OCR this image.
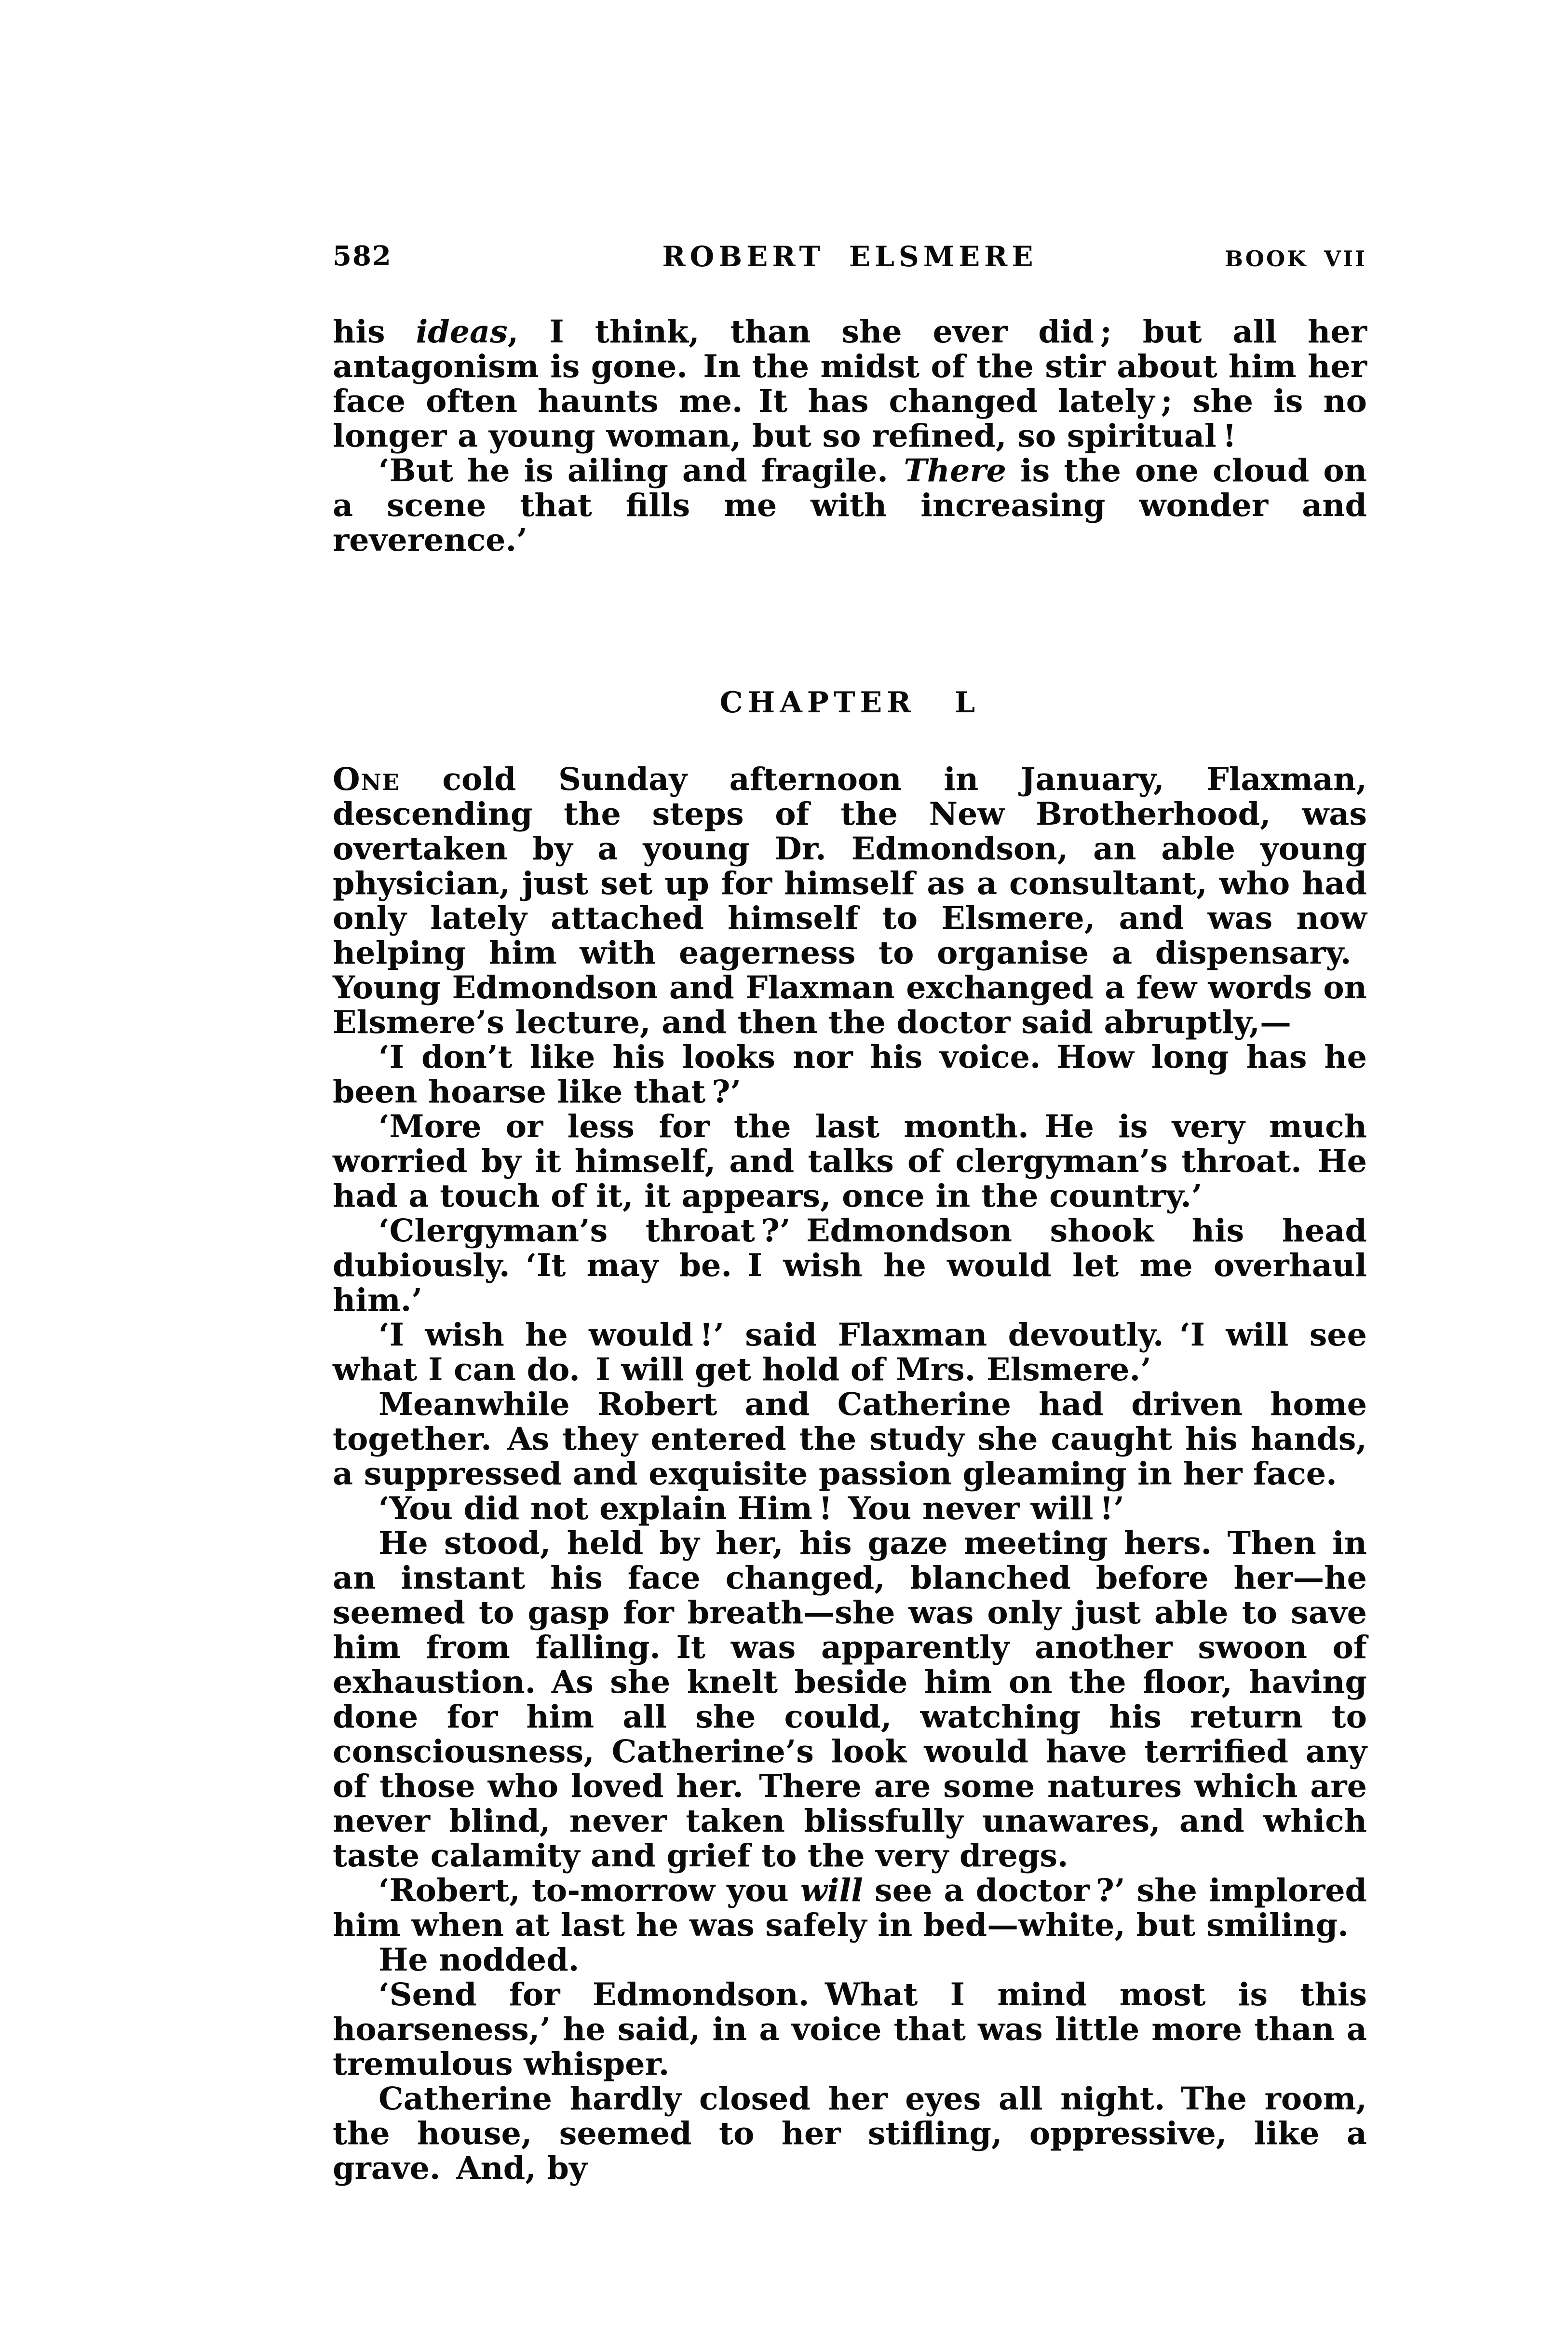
582	ROBERT ELSMERE	BOOK VII

his ideas, I think, than she ever did ; but all her antagonism is gone. In the midst of the stir about him her face often haunts me. It has changed lately ; she is no longer a young woman, but so refined, so spiritual !

‘But he is ailing and fragile. There is the one cloud on a scene that fills me with increasing wonder and reverence.’

CHAPTER L

One cold Sunday afternoon in January, Flaxman, descending the steps of the New Brotherhood, was overtaken by a young Dr. Edmondson, an able young physician, just set up for himself as a consultant, who had only lately attached himself to Elsmere, and was now helping him with eagerness to organise a dispensary. Young Edmondson and Flaxman exchanged a few words on Elsmere’s lecture, and then the doctor said abruptly,—

‘I don’t like his looks nor his voice. How long has he been hoarse like that ?’

‘More or less for the last month. He is very much worried by it himself, and talks of clergyman’s throat. He had a touch of it, it appears, once in the country.’

‘Clergyman’s throat ?’ Edmondson shook his head dubiously. ‘It may be. I wish he would let me overhaul him.’

‘I wish he would !’ said Flaxman devoutly. ‘I will see what I can do. I will get hold of Mrs. Elsmere.’

Meanwhile Robert and Catherine had driven home together. As they entered the study she caught his hands, a suppressed and exquisite passion gleaming in her face.

‘You did not explain Him ! You never will !’

He stood, held by her, his gaze meeting hers. Then in an instant his face changed, blanched before her—he seemed to gasp for breath—she was only just able to save him from falling. It was apparently another swoon of exhaustion. As she knelt beside him on the floor, having done for him all she could, watching his return to consciousness, Catherine’s look would have terrified any of those who loved her. There are some natures which are never blind, never taken blissfully unawares, and which taste calamity and grief to the very dregs.

‘Robert, to-morrow you will see a doctor ?’ she implored him when at last he was safely in bed—white, but smiling.

He nodded.

‘Send for Edmondson. What I mind most is this hoarseness,’ he said, in a voice that was little more than a tremulous whisper.

Catherine hardly closed her eyes all night. The room, the house, seemed to her stifling, oppressive, like a grave. And, by
